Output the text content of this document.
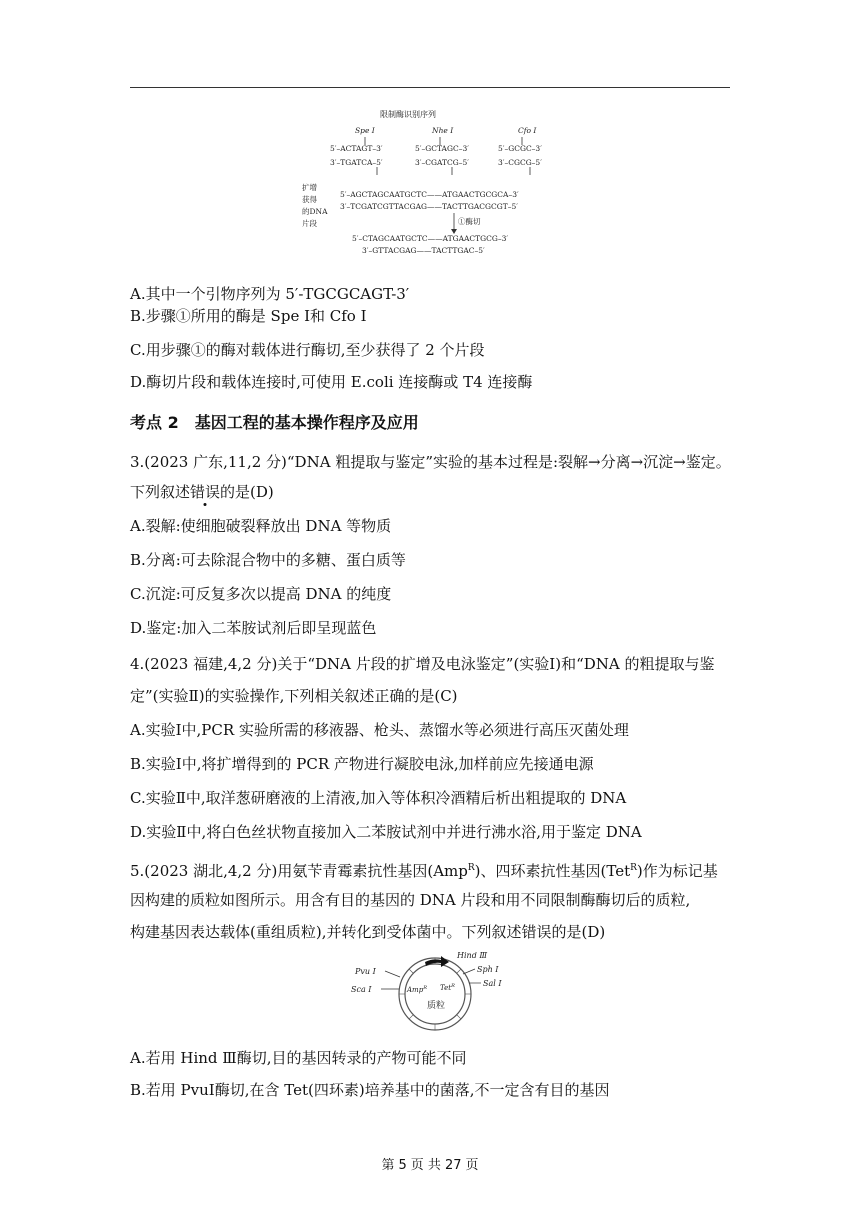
限制酶识别序列
Spe Ⅰ	Nhe Ⅰ	Cfo Ⅰ
5′–ACTAGT–3′	5′–GCTAGC–3′	5′–GCGC–3′
3′–TGATCA–5′	3′–CGATCG–5′	3′–CGCG–5′
扩增
获得
的DNA
片段
5′–AGCTAGCAATGCTC——ATGAACTGCGCA–3′
3′–TCGATCGTTACGAG——TACTTGACGCGT–5′
①酶切
5′–CTAGCAATGCTC——ATGAACTGCG–3′
3′–GTTACGAG——TACTTGAC–5′
A.其中一个引物序列为 5′-TGCGCAGT-3′
B.步骤①所用的酶是 Spe Ⅰ和 Cfo Ⅰ
C.用步骤①的酶对载体进行酶切,至少获得了 2 个片段
D.酶切片段和载体连接时,可使用 E.coli 连接酶或 T4 连接酶
考点 2 基因工程的基本操作程序及应用
3.(2023 广东,11,2 分)“DNA 粗提取与鉴定”实验的基本过程是:裂解→分离→沉淀→鉴定。
下列叙述错误的是(D)
A.裂解:使细胞破裂释放出 DNA 等物质
B.分离:可去除混合物中的多糖、蛋白质等
C.沉淀:可反复多次以提高 DNA 的纯度
D.鉴定:加入二苯胺试剂后即呈现蓝色
4.(2023 福建,4,2 分)关于“DNA 片段的扩增及电泳鉴定”(实验Ⅰ)和“DNA 的粗提取与鉴
定”(实验Ⅱ)的实验操作,下列相关叙述正确的是(C)
A.实验Ⅰ中,PCR 实验所需的移液器、枪头、蒸馏水等必须进行高压灭菌处理
B.实验Ⅰ中,将扩增得到的 PCR 产物进行凝胶电泳,加样前应先接通电源
C.实验Ⅱ中,取洋葱研磨液的上清液,加入等体积冷酒精后析出粗提取的 DNA
D.实验Ⅱ中,将白色丝状物直接加入二苯胺试剂中并进行沸水浴,用于鉴定 DNA
5.(2023 湖北,4,2 分)用氨苄青霉素抗性基因(Amp$^R$)、四环素抗性基因(Tet$^R$)作为标记基
因构建的质粒如图所示。用含有目的基因的 DNA 片段和用不同限制酶酶切后的质粒,
构建基因表达载体(重组质粒),并转化到受体菌中。下列叙述错误的是(D)
Hind Ⅲ
Sph Ⅰ
Sal Ⅰ
Pvu Ⅰ
Sca Ⅰ	Amp$^R$ Tet$^R$
质粒
A.若用 Hind Ⅲ酶切,目的基因转录的产物可能不同
B.若用 PvuⅠ酶切,在含 Tet(四环素)培养基中的菌落,不一定含有目的基因
第 5 页 共 27 页
